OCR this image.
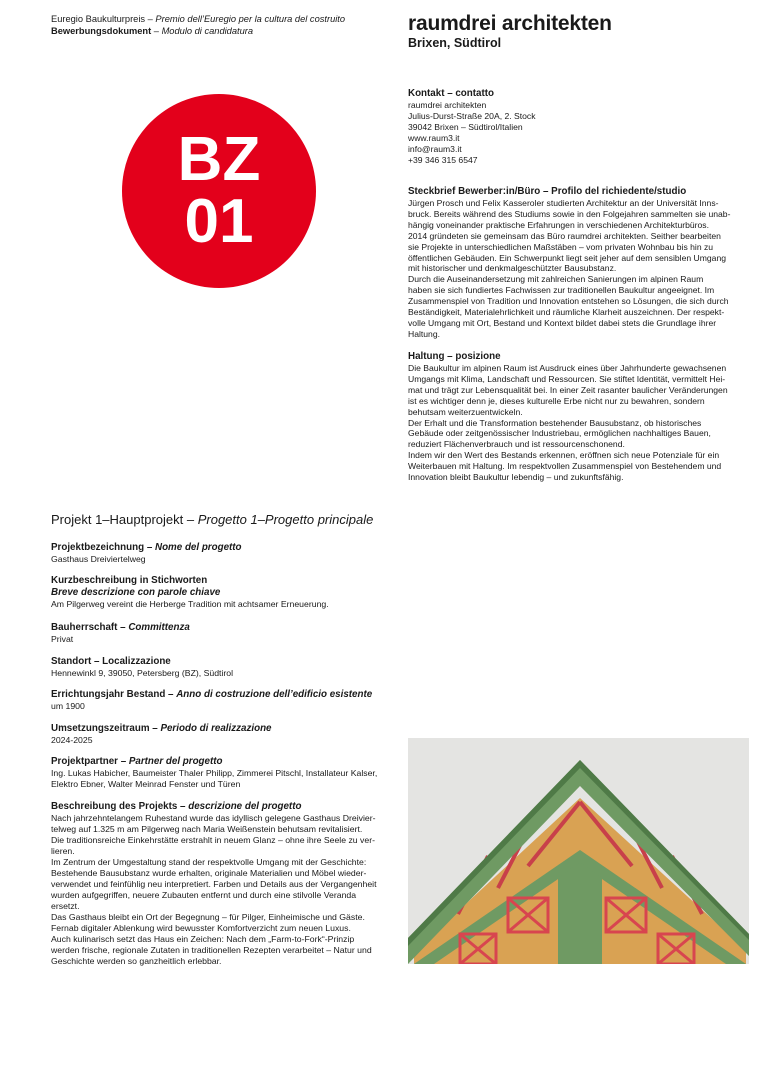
Euregio Baukulturpreis – Premio dell’Euregio per la cultura del costruito
Bewerbungsdokument – Modulo di candidatura	raumdrei architekten
Brixen, Südtirol
BZ
01
Kontakt – contatto

raumdrei architekten

Julius-Durst-Straße 20A, 2. Stock

39042 Brixen – Südtirol/Italien

www.raum3.it

info@raum3.it

+39 346 315 6547

Steckbrief Bewerber:in/Büro – Profilo del richiedente/studio

Jürgen Prosch und Felix Kasseroler studierten Architektur an der Universität Inns-

bruck. Bereits während des Studiums sowie in den Folgejahren sammelten sie unab-

hängig voneinander praktische Erfahrungen in verschiedenen Architekturbüros.

2014 gründeten sie gemeinsam das Büro raumdrei architekten. Seither bearbeiten

sie Projekte in unterschiedlichen Maßstäben – vom privaten Wohnbau bis hin zu

öffentlichen Gebäuden. Ein Schwerpunkt liegt seit jeher auf dem sensiblen Umgang

mit historischer und denkmalgeschützter Bausubstanz.

Durch die Auseinandersetzung mit zahlreichen Sanierungen im alpinen Raum

haben sie sich fundiertes Fachwissen zur traditionellen Baukultur angeeignet. Im

Zusammenspiel von Tradition und Innovation entstehen so Lösungen, die sich durch

Beständigkeit, Materialehrlichkeit und räumliche Klarheit auszeichnen. Der respekt-

volle Umgang mit Ort, Bestand und Kontext bildet dabei stets die Grundlage ihrer

Haltung.

Haltung – posizione

Die Baukultur im alpinen Raum ist Ausdruck eines über Jahrhunderte gewachsenen

Umgangs mit Klima, Landschaft und Ressourcen. Sie stiftet Identität, vermittelt Hei-

mat und trägt zur Lebensqualität bei. In einer Zeit rasanter baulicher Veränderungen

ist es wichtiger denn je, dieses kulturelle Erbe nicht nur zu bewahren, sondern

behutsam weiterzuentwickeln.

Der Erhalt und die Transformation bestehender Bausubstanz, ob historisches

Gebäude oder zeitgenössischer Industriebau, ermöglichen nachhaltiges Bauen,

reduziert Flächenverbrauch und ist ressourcenschonend.

Indem wir den Wert des Bestands erkennen, eröffnen sich neue Potenziale für ein

Weiterbauen mit Haltung. Im respektvollen Zusammenspiel von Bestehendem und

Innovation bleibt Baukultur lebendig – und zukunftsfähig.

Projekt 1–Hauptprojekt – Progetto 1–Progetto principale
Projektbezeichnung – Nome del progetto

Gasthaus Dreiviertelweg

Kurzbeschreibung in Stichworten
Breve descrizione con parole chiave

Am Pilgerweg vereint die Herberge Tradition mit achtsamer Erneuerung.

Bauherrschaft – Committenza

Privat

Standort – Localizzazione

Hennewinkl 9, 39050, Petersberg (BZ), Südtirol

Errichtungsjahr Bestand – Anno di costruzione dell’edificio esistente

um 1900

Umsetzungszeitraum – Periodo di realizzazione

2024-2025

Projektpartner – Partner del progetto

Ing. Lukas Habicher, Baumeister Thaler Philipp, Zimmerei Pitschl, Installateur Kalser,

Elektro Ebner, Walter Meinrad Fenster und Türen

Beschreibung des Projekts – descrizione del progetto

Nach jahrzehntelangem Ruhestand wurde das idyllisch gelegene Gasthaus Dreivier-

telweg auf 1.325 m am Pilgerweg nach Maria Weißenstein behutsam revitalisiert.

Die traditionsreiche Einkehrstätte erstrahlt in neuem Glanz – ohne ihre Seele zu ver-

lieren.

Im Zentrum der Umgestaltung stand der respektvolle Umgang mit der Geschichte:

Bestehende Bausubstanz wurde erhalten, originale Materialien und Möbel wieder-

verwendet und feinfühlig neu interpretiert. Farben und Details aus der Vergangenheit

wurden aufgegriffen, neuere Zubauten entfernt und durch eine stilvolle Veranda

ersetzt.

Das Gasthaus bleibt ein Ort der Begegnung – für Pilger, Einheimische und Gäste.

Fernab digitaler Ablenkung wird bewusster Komfortverzicht zum neuen Luxus.

Auch kulinarisch setzt das Haus ein Zeichen: Nach dem „Farm-to-Fork“-Prinzip

werden frische, regionale Zutaten in traditionellen Rezepten verarbeitet – Natur und

Geschichte werden so ganzheitlich erlebbar.
